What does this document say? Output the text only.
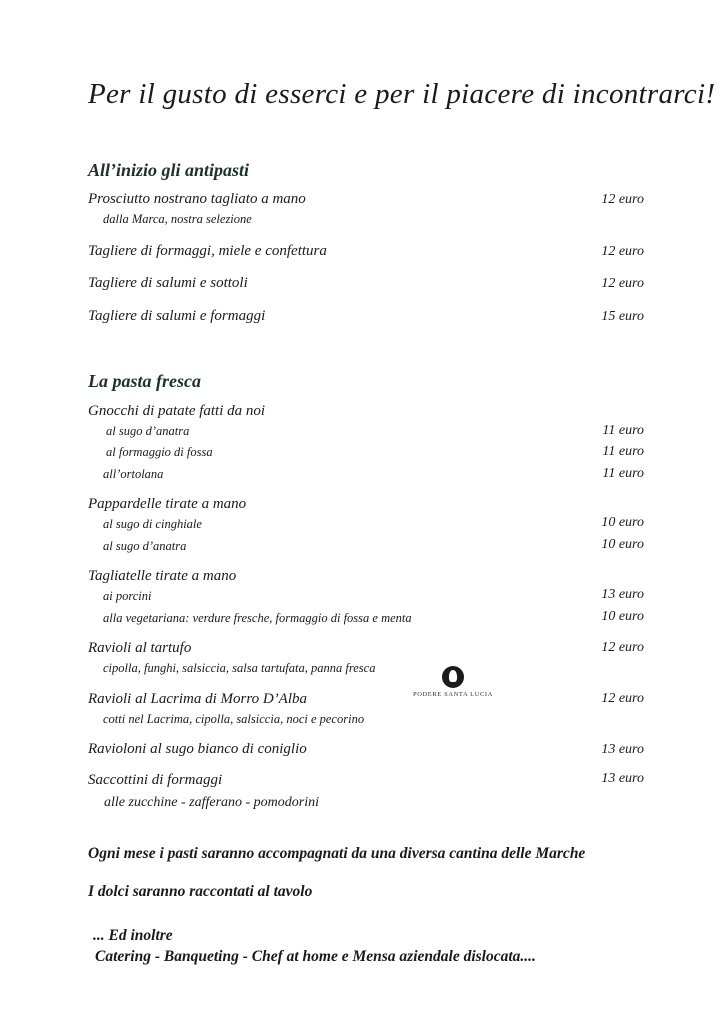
Per il gusto di esserci e per il piacere di incontrarci!
All’inizio gli antipasti
Prosciutto nostrano tagliato a mano	12 euro
dalla Marca, nostra selezione
Tagliere di formaggi, miele e confettura	12 euro
Tagliere di salumi e sottoli	12 euro
Tagliere di salumi e formaggi	15 euro
La pasta fresca
Gnocchi di patate fatti da noi
al sugo d’anatra	11 euro
al formaggio di fossa	11 euro
all’ortolana	11 euro
Pappardelle tirate a mano
al sugo di cinghiale	10 euro
al sugo d’anatra	10 euro
Tagliatelle tirate a mano
ai porcini	13 euro
alla vegetariana: verdure fresche, formaggio di fossa e menta	10 euro
Ravioli al tartufo	12 euro
cipolla, funghi, salsiccia, salsa tartufata, panna fresca
PODERE SANTA LUCIA
Ravioli al Lacrima di Morro D’Alba	12 euro
cotti nel Lacrima, cipolla, salsiccia, noci e pecorino
Ravioloni al sugo bianco di coniglio	13 euro
Saccottini di formaggi	13 euro
alle zucchine - zafferano - pomodorini
Ogni mese i pasti saranno accompagnati da una diversa cantina delle Marche
I dolci saranno raccontati al tavolo
... Ed inoltre
Catering - Banqueting - Chef at home e Mensa aziendale dislocata....
